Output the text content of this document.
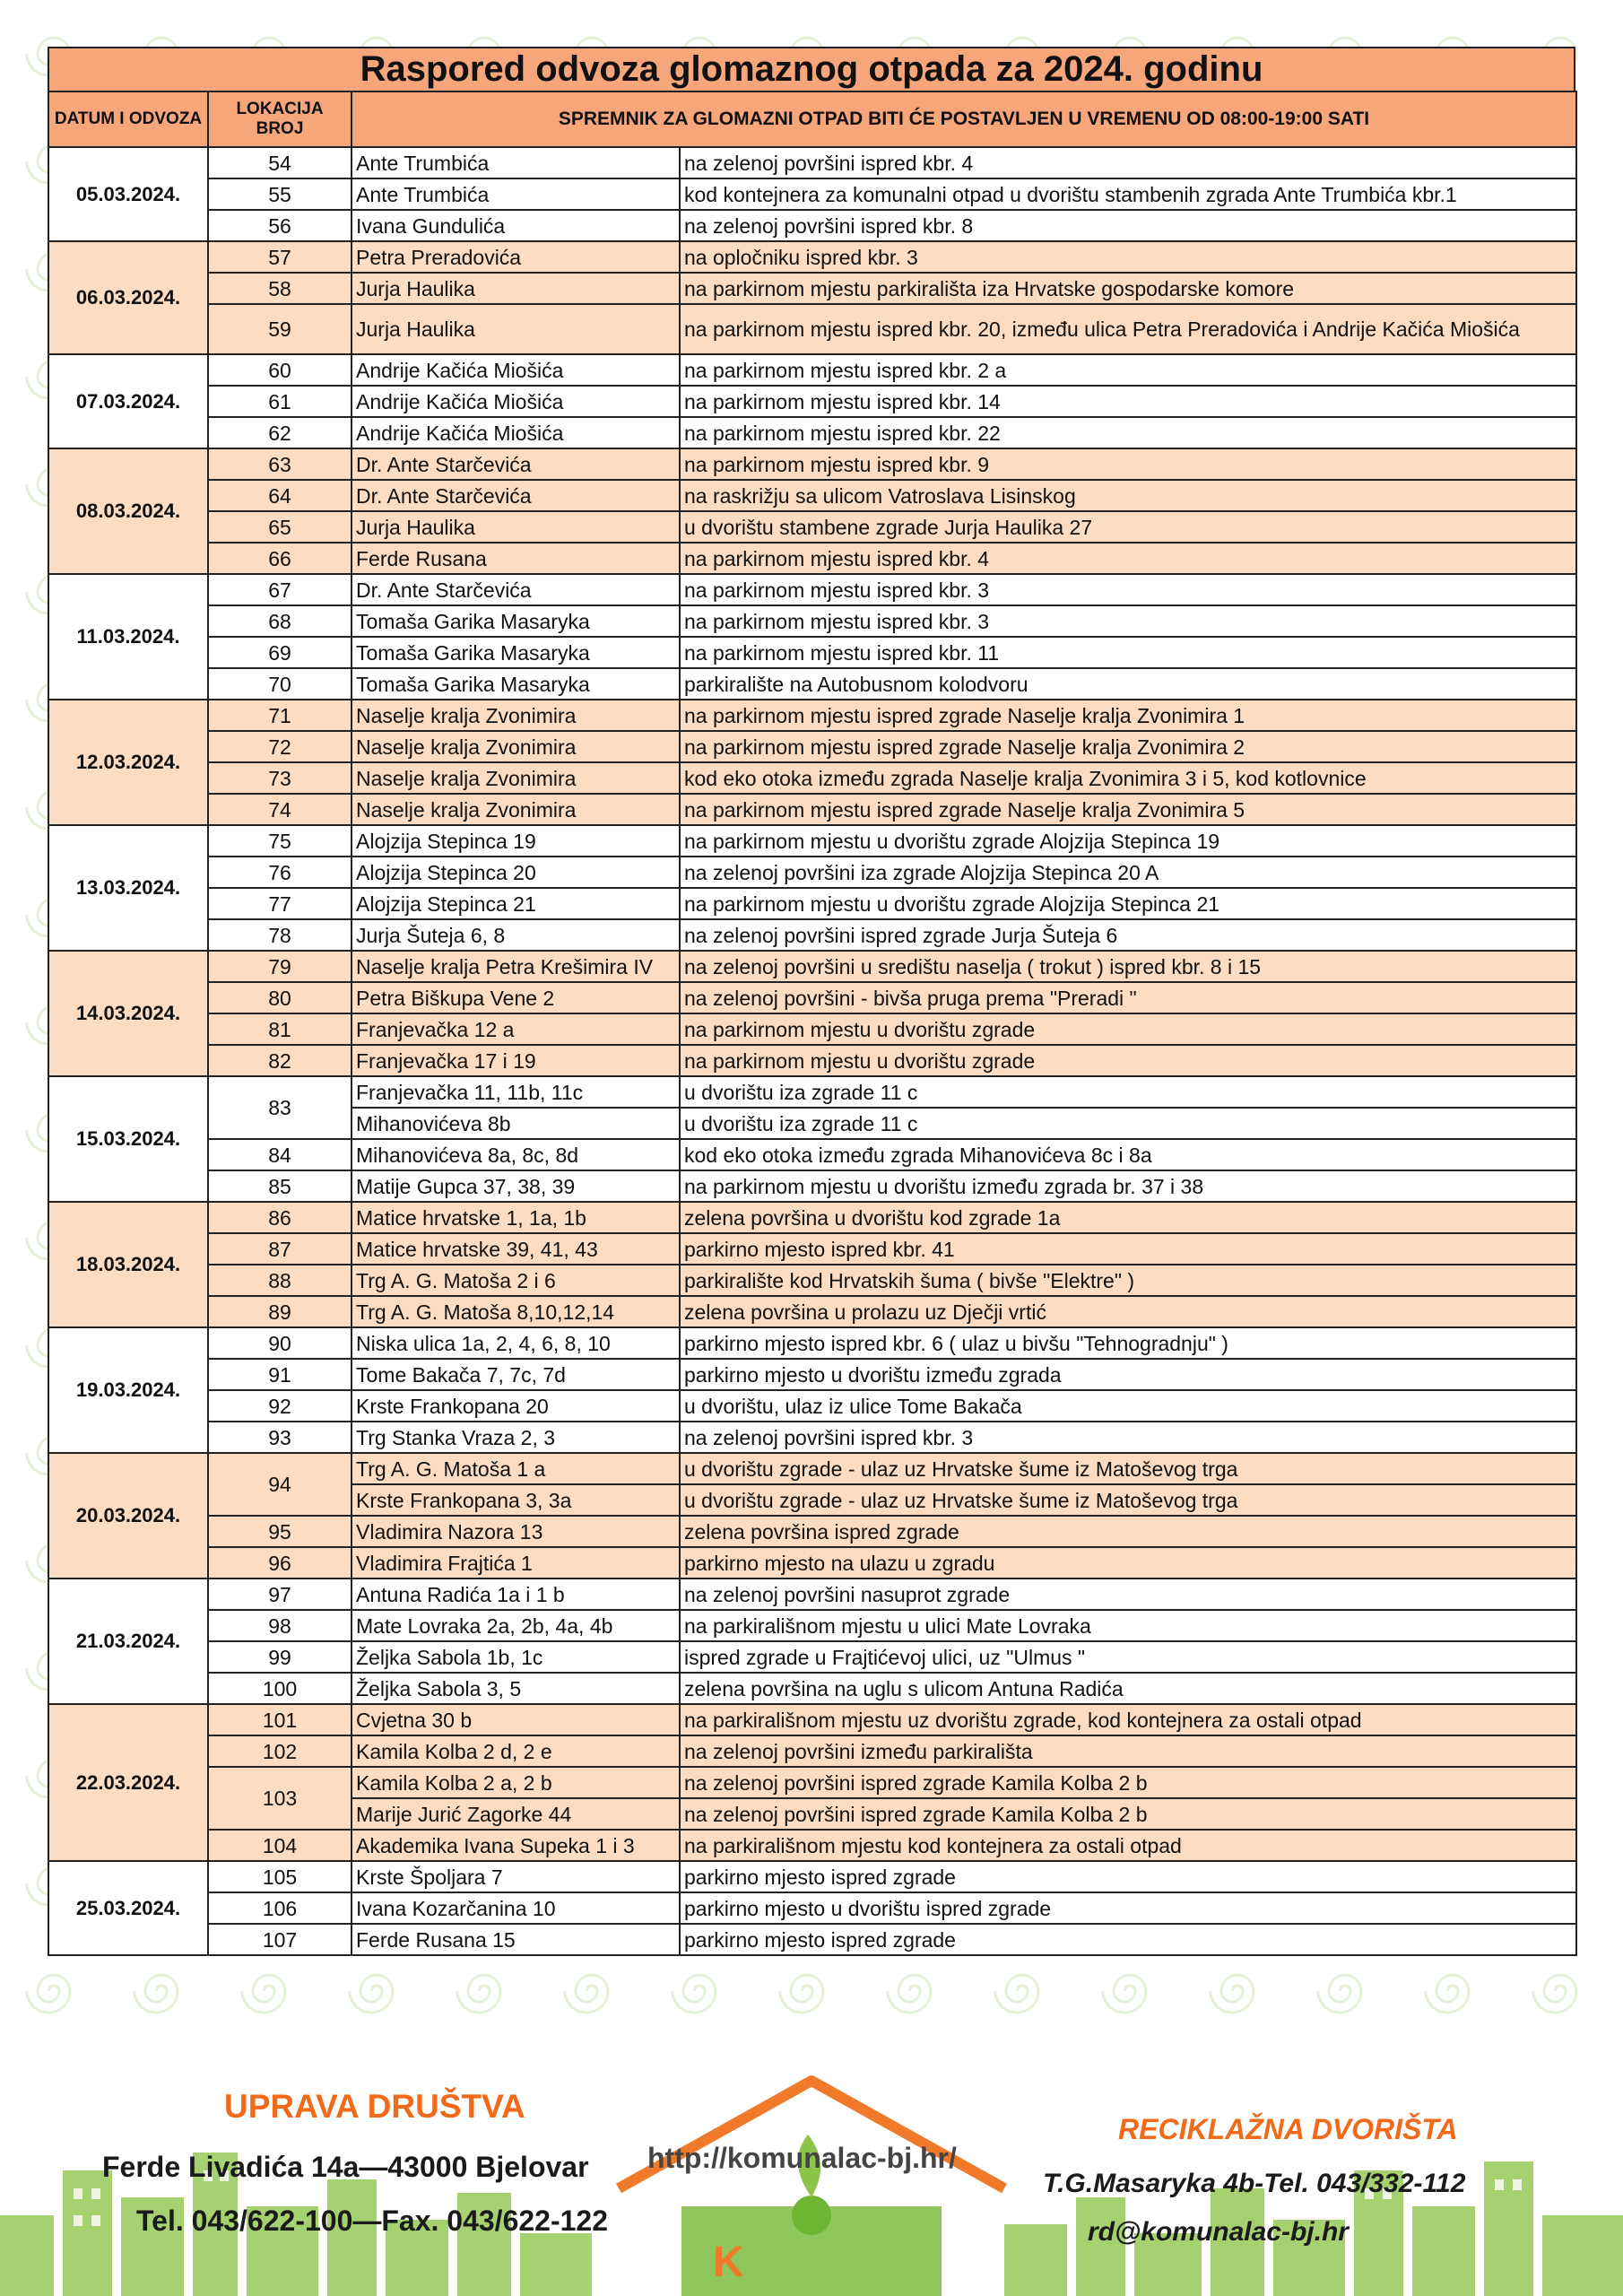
Raspored odvoza glomaznog otpada za 2024. godinu
DATUM I ODVOZA	LOKACIJA BROJ	SPREMNIK ZA GLOMAZNI OTPAD BITI ĆE POSTAVLJEN U VREMENU OD 08:00-19:00 SATI	
05.03.2024.	54	Ante Trumbića	na zelenoj površini ispred kbr. 4
	55	Ante Trumbića	kod kontejnera za komunalni otpad u dvorištu stambenih zgrada Ante Trumbića kbr.1
	56	Ivana Gundulića	na zelenoj površini ispred kbr. 8
06.03.2024.	57	Petra Preradovića	na opločniku ispred kbr. 3
	58	Jurja Haulika	na parkirnom mjestu parkirališta iza Hrvatske gospodarske komore
	59	Jurja Haulika	na parkirnom mjestu ispred kbr. 20, između ulica Petra Preradovića i Andrije Kačića Miošića
07.03.2024.	60	Andrije Kačića Miošića	na parkirnom mjestu ispred kbr. 2 a
	61	Andrije Kačića Miošića	na parkirnom mjestu ispred kbr. 14
	62	Andrije Kačića Miošića	na parkirnom mjestu ispred kbr. 22
08.03.2024.	63	Dr. Ante Starčevića	na parkirnom mjestu ispred kbr. 9
	64	Dr. Ante Starčevića	na raskrižju sa ulicom Vatroslava Lisinskog
	65	Jurja Haulika	u dvorištu stambene zgrade Jurja Haulika 27
	66	Ferde Rusana	na parkirnom mjestu ispred kbr. 4
11.03.2024.	67	Dr. Ante Starčevića	na parkirnom mjestu ispred kbr. 3
	68	Tomaša Garika Masaryka	na parkirnom mjestu ispred kbr. 3
	69	Tomaša Garika Masaryka	na parkirnom mjestu ispred kbr. 11
	70	Tomaša Garika Masaryka	parkiralište na Autobusnom kolodvoru
12.03.2024.	71	Naselje kralja Zvonimira	na parkirnom mjestu ispred zgrade Naselje kralja Zvonimira 1
	72	Naselje kralja Zvonimira	na parkirnom mjestu ispred zgrade Naselje kralja Zvonimira 2
	73	Naselje kralja Zvonimira	kod eko otoka između zgrada Naselje kralja Zvonimira 3 i 5, kod kotlovnice
	74	Naselje kralja Zvonimira	na parkirnom mjestu ispred zgrade Naselje kralja Zvonimira 5
13.03.2024.	75	Alojzija Stepinca 19	na parkirnom mjestu u dvorištu zgrade Alojzija Stepinca 19
	76	Alojzija Stepinca 20	na zelenoj površini iza zgrade Alojzija Stepinca 20 A
	77	Alojzija Stepinca 21	na parkirnom mjestu u dvorištu zgrade Alojzija Stepinca 21
	78	Jurja Šuteja 6, 8	na zelenoj površini ispred zgrade Jurja Šuteja 6
14.03.2024.	79	Naselje kralja Petra Krešimira IV	na zelenoj površini u središtu naselja ( trokut ) ispred kbr. 8 i 15
	80	Petra Biškupa Vene 2	na zelenoj površini - bivša pruga prema "Preradi "
	81	Franjevačka 12 a	na parkirnom mjestu u dvorištu zgrade
	82	Franjevačka 17 i 19	na parkirnom mjestu u dvorištu zgrade
15.03.2024.	83	Franjevačka 11, 11b, 11c	u dvorištu iza zgrade 11 c
		Mihanovićeva 8b	u dvorištu iza zgrade 11 c
	84	Mihanovićeva 8a, 8c, 8d	kod eko otoka između zgrada Mihanovićeva 8c i 8a
	85	Matije Gupca 37, 38, 39	na parkirnom mjestu u dvorištu između zgrada br. 37 i 38
18.03.2024.	86	Matice hrvatske 1, 1a, 1b	zelena površina u dvorištu kod zgrade 1a
	87	Matice hrvatske 39, 41, 43	parkirno mjesto ispred kbr. 41
	88	Trg A. G. Matoša 2 i 6	parkiralište kod Hrvatskih šuma ( bivše "Elektre" )
	89	Trg A. G. Matoša 8,10,12,14	zelena površina u prolazu uz Dječji vrtić
19.03.2024.	90	Niska ulica 1a, 2, 4, 6, 8, 10	parkirno mjesto ispred kbr. 6 ( ulaz u bivšu "Tehnogradnju" )
	91	Tome Bakača 7, 7c, 7d	parkirno mjesto u dvorištu između zgrada
	92	Krste Frankopana 20	u dvorištu, ulaz iz ulice Tome Bakača
	93	Trg Stanka Vraza 2, 3	na zelenoj površini ispred kbr. 3
20.03.2024.	94	Trg A. G. Matoša 1 a	u dvorištu zgrade - ulaz uz Hrvatske šume iz Matoševog trga
		Krste Frankopana 3, 3a	u dvorištu zgrade - ulaz uz Hrvatske šume iz Matoševog trga
	95	Vladimira Nazora 13	zelena površina ispred zgrade
	96	Vladimira Frajtića 1	parkirno mjesto na ulazu u zgradu
21.03.2024.	97	Antuna Radića 1a i 1 b	na zelenoj površini nasuprot zgrade
	98	Mate Lovraka 2a, 2b, 4a, 4b	na parkirališnom mjestu u ulici Mate Lovraka
	99	Željka Sabola 1b, 1c	ispred zgrade u Frajtićevoj ulici, uz "Ulmus "
	100	Željka Sabola 3, 5	zelena površina na uglu s ulicom Antuna Radića
22.03.2024.	101	Cvjetna 30 b	na parkirališnom mjestu uz dvorištu zgrade, kod kontejnera za ostali otpad
	102	Kamila Kolba 2 d, 2 e	na zelenoj površini između parkirališta
	103	Kamila Kolba 2 a, 2 b	na zelenoj površini ispred zgrade Kamila Kolba 2 b
		Marije Jurić Zagorke 44	na zelenoj površini ispred zgrade Kamila Kolba 2 b
	104	Akademika Ivana Supeka 1 i 3	na parkirališnom mjestu kod kontejnera za ostali otpad
25.03.2024.	105	Krste Špoljara 7	parkirno mjesto ispred zgrade
	106	Ivana Kozarčanina 10	parkirno mjesto u dvorištu ispred zgrade
	107	Ferde Rusana 15	parkirno mjesto ispred zgrade
K
UPRAVA DRUŠTVA
Ferde Livadića 14a—43000 Bjelovar
Tel. 043/622-100—Fax. 043/622-122
http://komunalac-bj.hr/
RECIKLAŽNA DVORIŠTA
T.G.Masaryka 4b-Tel. 043/332-112
rd@komunalac-bj.hr
